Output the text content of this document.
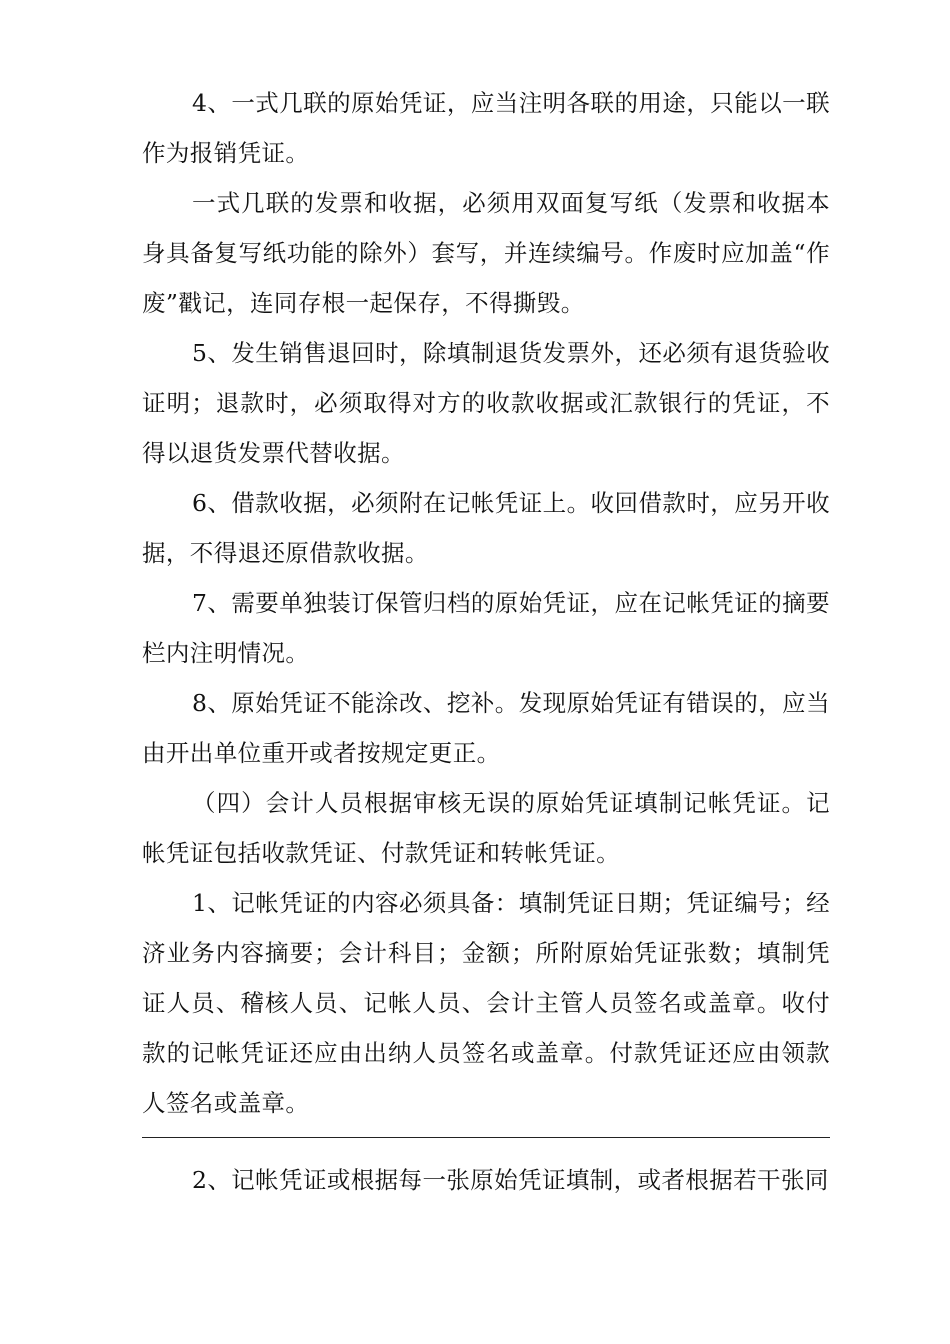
4、一式几联的原始凭证，应当注明各联的用途，只能以一联作为报销凭证。

一式几联的发票和收据，必须用双面复写纸（发票和收据本身具备复写纸功能的除外）套写，并连续编号。作废时应加盖“作废”戳记，连同存根一起保存，不得撕毁。

5、发生销售退回时，除填制退货发票外，还必须有退货验收证明；退款时，必须取得对方的收款收据或汇款银行的凭证，不得以退货发票代替收据。

6、借款收据，必须附在记帐凭证上。收回借款时，应另开收据，不得退还原借款收据。

7、需要单独装订保管归档的原始凭证，应在记帐凭证的摘要栏内注明情况。

8、原始凭证不能涂改、挖补。发现原始凭证有错误的，应当由开出单位重开或者按规定更正。

（四）会计人员根据审核无误的原始凭证填制记帐凭证。记帐凭证包括收款凭证、付款凭证和转帐凭证。

1、记帐凭证的内容必须具备：填制凭证日期；凭证编号；经济业务内容摘要；会计科目；金额；所附原始凭证张数；填制凭证人员、稽核人员、记帐人员、会计主管人员签名或盖章。收付款的记帐凭证还应由出纳人员签名或盖章。付款凭证还应由领款人签名或盖章。

2、记帐凭证或根据每一张原始凭证填制，或者根据若干张同
